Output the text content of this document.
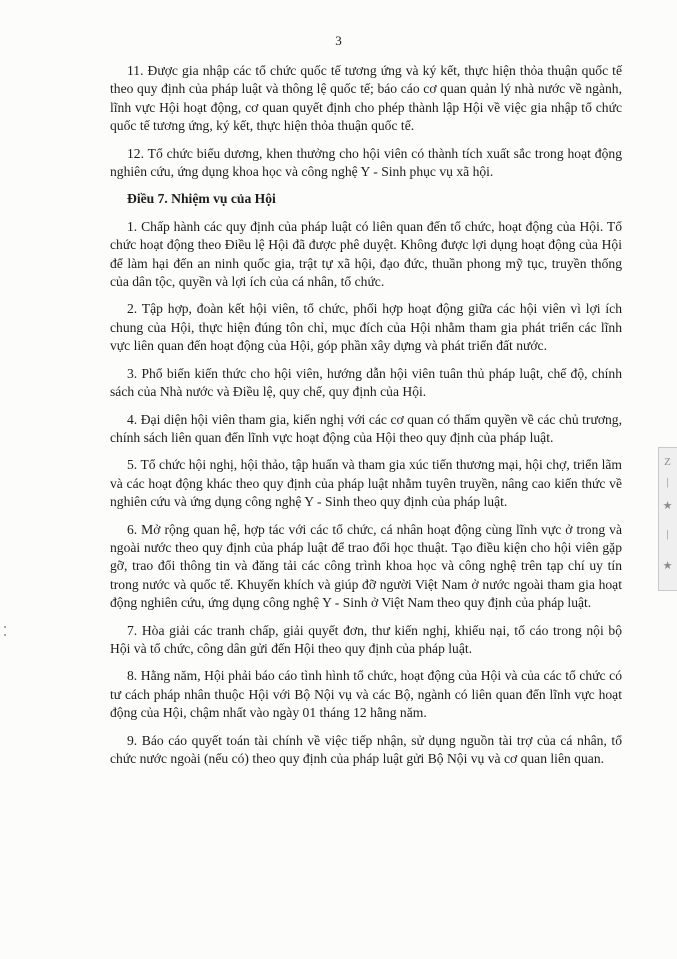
3

11. Được gia nhập các tổ chức quốc tế tương ứng và ký kết, thực hiện thỏa thuận quốc tế theo quy định của pháp luật và thông lệ quốc tế; báo cáo cơ quan quản lý nhà nước về ngành, lĩnh vực Hội hoạt động, cơ quan quyết định cho phép thành lập Hội về việc gia nhập tổ chức quốc tế tương ứng, ký kết, thực hiện thỏa thuận quốc tế.

12. Tổ chức biểu dương, khen thưởng cho hội viên có thành tích xuất sắc trong hoạt động nghiên cứu, ứng dụng khoa học và công nghệ Y - Sinh phục vụ xã hội.

Điều 7. Nhiệm vụ của Hội

1. Chấp hành các quy định của pháp luật có liên quan đến tổ chức, hoạt động của Hội. Tổ chức hoạt động theo Điều lệ Hội đã được phê duyệt. Không được lợi dụng hoạt động của Hội để làm hại đến an ninh quốc gia, trật tự xã hội, đạo đức, thuần phong mỹ tục, truyền thống của dân tộc, quyền và lợi ích của cá nhân, tổ chức.

2. Tập hợp, đoàn kết hội viên, tổ chức, phối hợp hoạt động giữa các hội viên vì lợi ích chung của Hội, thực hiện đúng tôn chỉ, mục đích của Hội nhằm tham gia phát triển các lĩnh vực liên quan đến hoạt động của Hội, góp phần xây dựng và phát triển đất nước.

3. Phổ biến kiến thức cho hội viên, hướng dẫn hội viên tuân thủ pháp luật, chế độ, chính sách của Nhà nước và Điều lệ, quy chế, quy định của Hội.

4. Đại diện hội viên tham gia, kiến nghị với các cơ quan có thẩm quyền về các chủ trương, chính sách liên quan đến lĩnh vực hoạt động của Hội theo quy định của pháp luật.

5. Tổ chức hội nghị, hội thảo, tập huấn và tham gia xúc tiến thương mại, hội chợ, triển lãm và các hoạt động khác theo quy định của pháp luật nhằm tuyên truyền, nâng cao kiến thức về nghiên cứu và ứng dụng công nghệ Y - Sinh theo quy định của pháp luật.

6. Mở rộng quan hệ, hợp tác với các tổ chức, cá nhân hoạt động cùng lĩnh vực ở trong và ngoài nước theo quy định của pháp luật để trao đổi học thuật. Tạo điều kiện cho hội viên gặp gỡ, trao đổi thông tin và đăng tải các công trình khoa học và công nghệ trên tạp chí uy tín trong nước và quốc tế. Khuyến khích và giúp đỡ người Việt Nam ở nước ngoài tham gia hoạt động nghiên cứu, ứng dụng công nghệ Y - Sinh ở Việt Nam theo quy định của pháp luật.

7. Hòa giải các tranh chấp, giải quyết đơn, thư kiến nghị, khiếu nại, tố cáo trong nội bộ Hội và tổ chức, công dân gửi đến Hội theo quy định của pháp luật.

8. Hằng năm, Hội phải báo cáo tình hình tổ chức, hoạt động của Hội và của các tổ chức có tư cách pháp nhân thuộc Hội với Bộ Nội vụ và các Bộ, ngành có liên quan đến lĩnh vực hoạt động của Hội, chậm nhất vào ngày 01 tháng 12 hằng năm.

9. Báo cáo quyết toán tài chính về việc tiếp nhận, sử dụng nguồn tài trợ của cá nhân, tổ chức nước ngoài (nếu có) theo quy định của pháp luật gửi Bộ Nội vụ và cơ quan liên quan.

Z
|
★
|
★
